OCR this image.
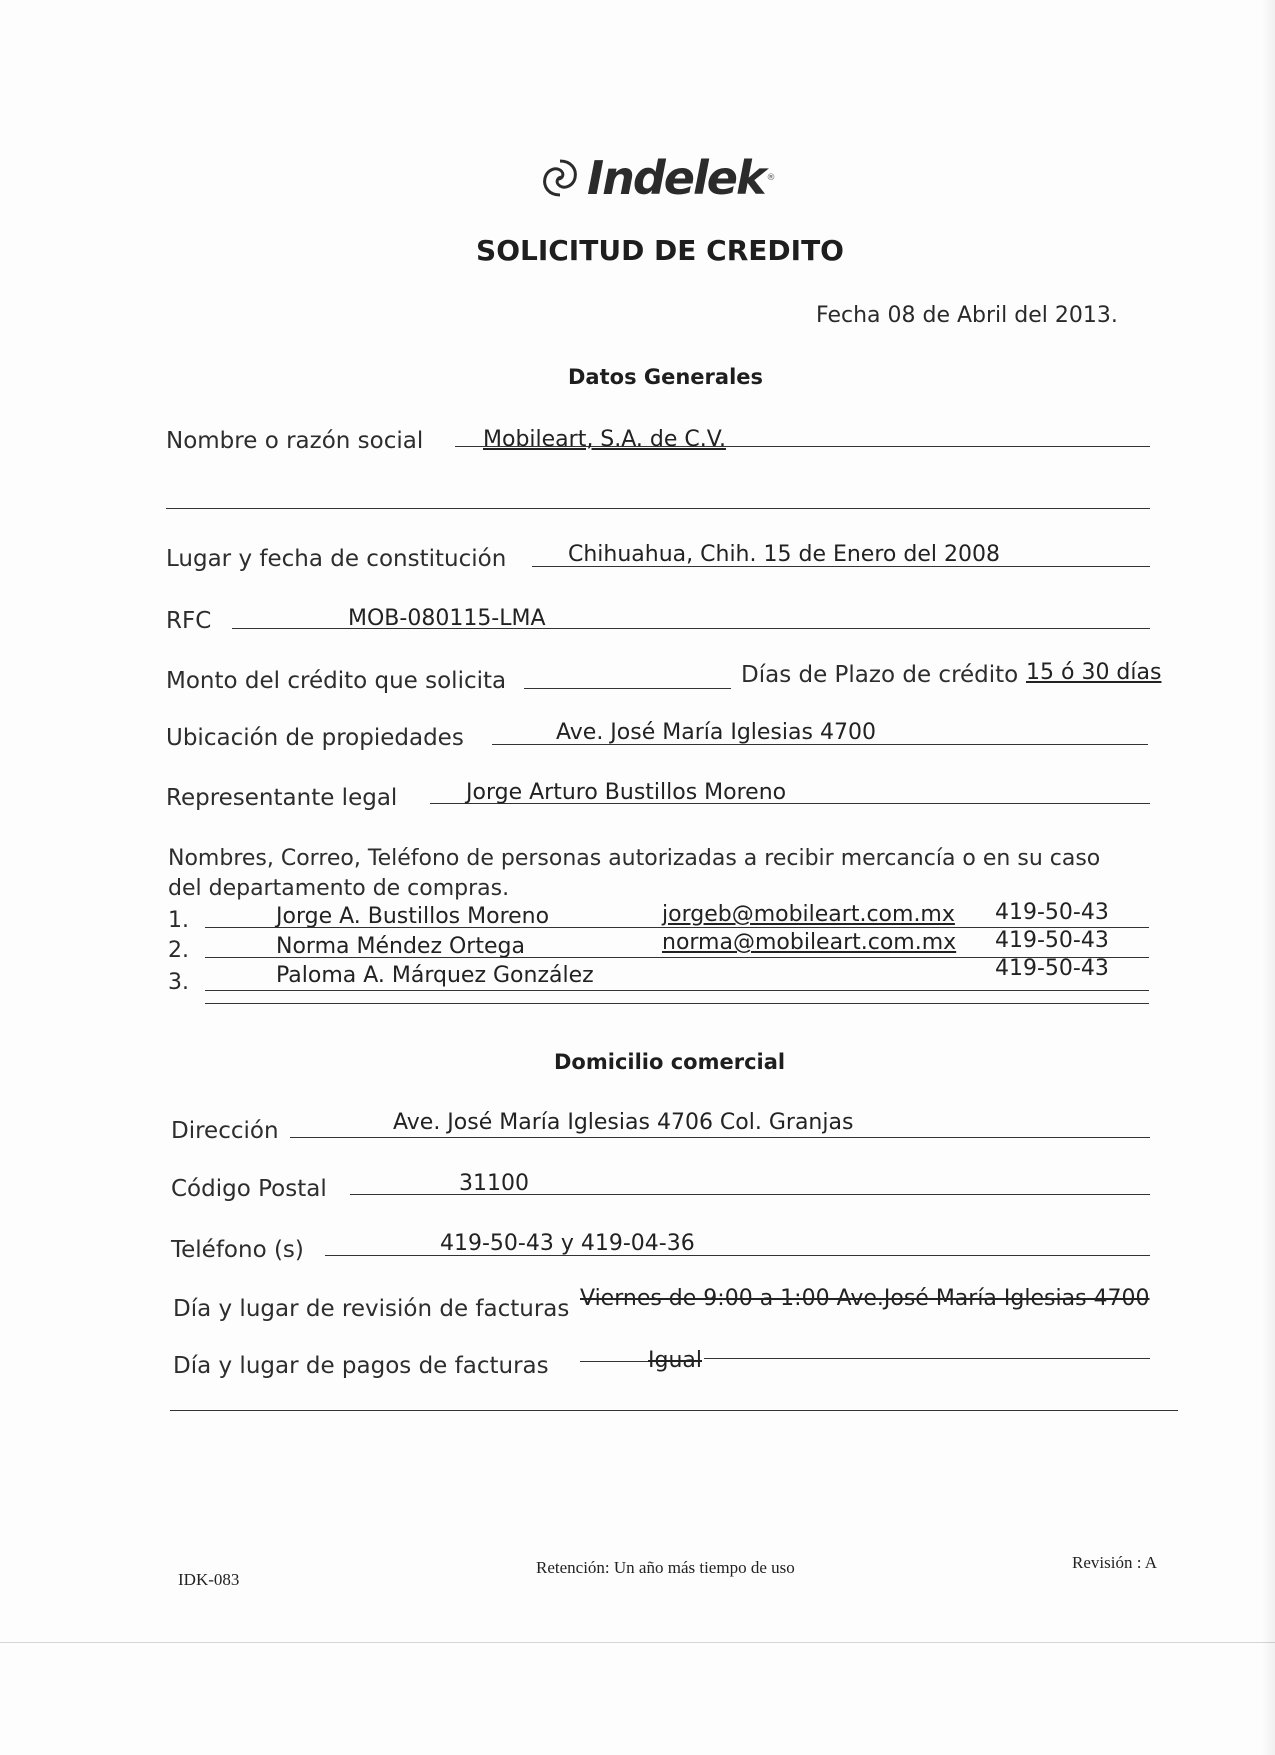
Indelek ®
SOLICITUD DE CREDITO
Fecha 08 de Abril del 2013.
Datos Generales
Nombre o razón social	Mobileart, S.A. de C.V.
Lugar y fecha de constitución	Chihuahua, Chih. 15 de Enero del 2008
RFC	MOB-080115-LMA
Monto del crédito que solicita	Días de Plazo de crédito 15 ó 30 días
Ubicación de propiedades	Ave. José María Iglesias 4700
Representante legal	Jorge Arturo Bustillos Moreno
Nombres, Correo, Teléfono de personas autorizadas a recibir mercancía o en su caso
del departamento de compras.
1.	Jorge A. Bustillos Moreno	jorgeb@mobileart.com.mx 419-50-43
2.	Norma Méndez Ortega	norma@mobileart.com.mx 419-50-43
3.	Paloma A. Márquez González	419-50-43
Domicilio comercial
Dirección	Ave. José María Iglesias 4706 Col. Granjas
Código Postal	31100
Teléfono (s)	419-50-43 y 419-04-36
Día y lugar de revisión de facturas Viernes de 9:00 a 1:00 Ave.José María Iglesias 4700
Día y lugar de pagos de facturas	Igual
IDK-083
Retención: Un año más tiempo de uso	Revisión : A
